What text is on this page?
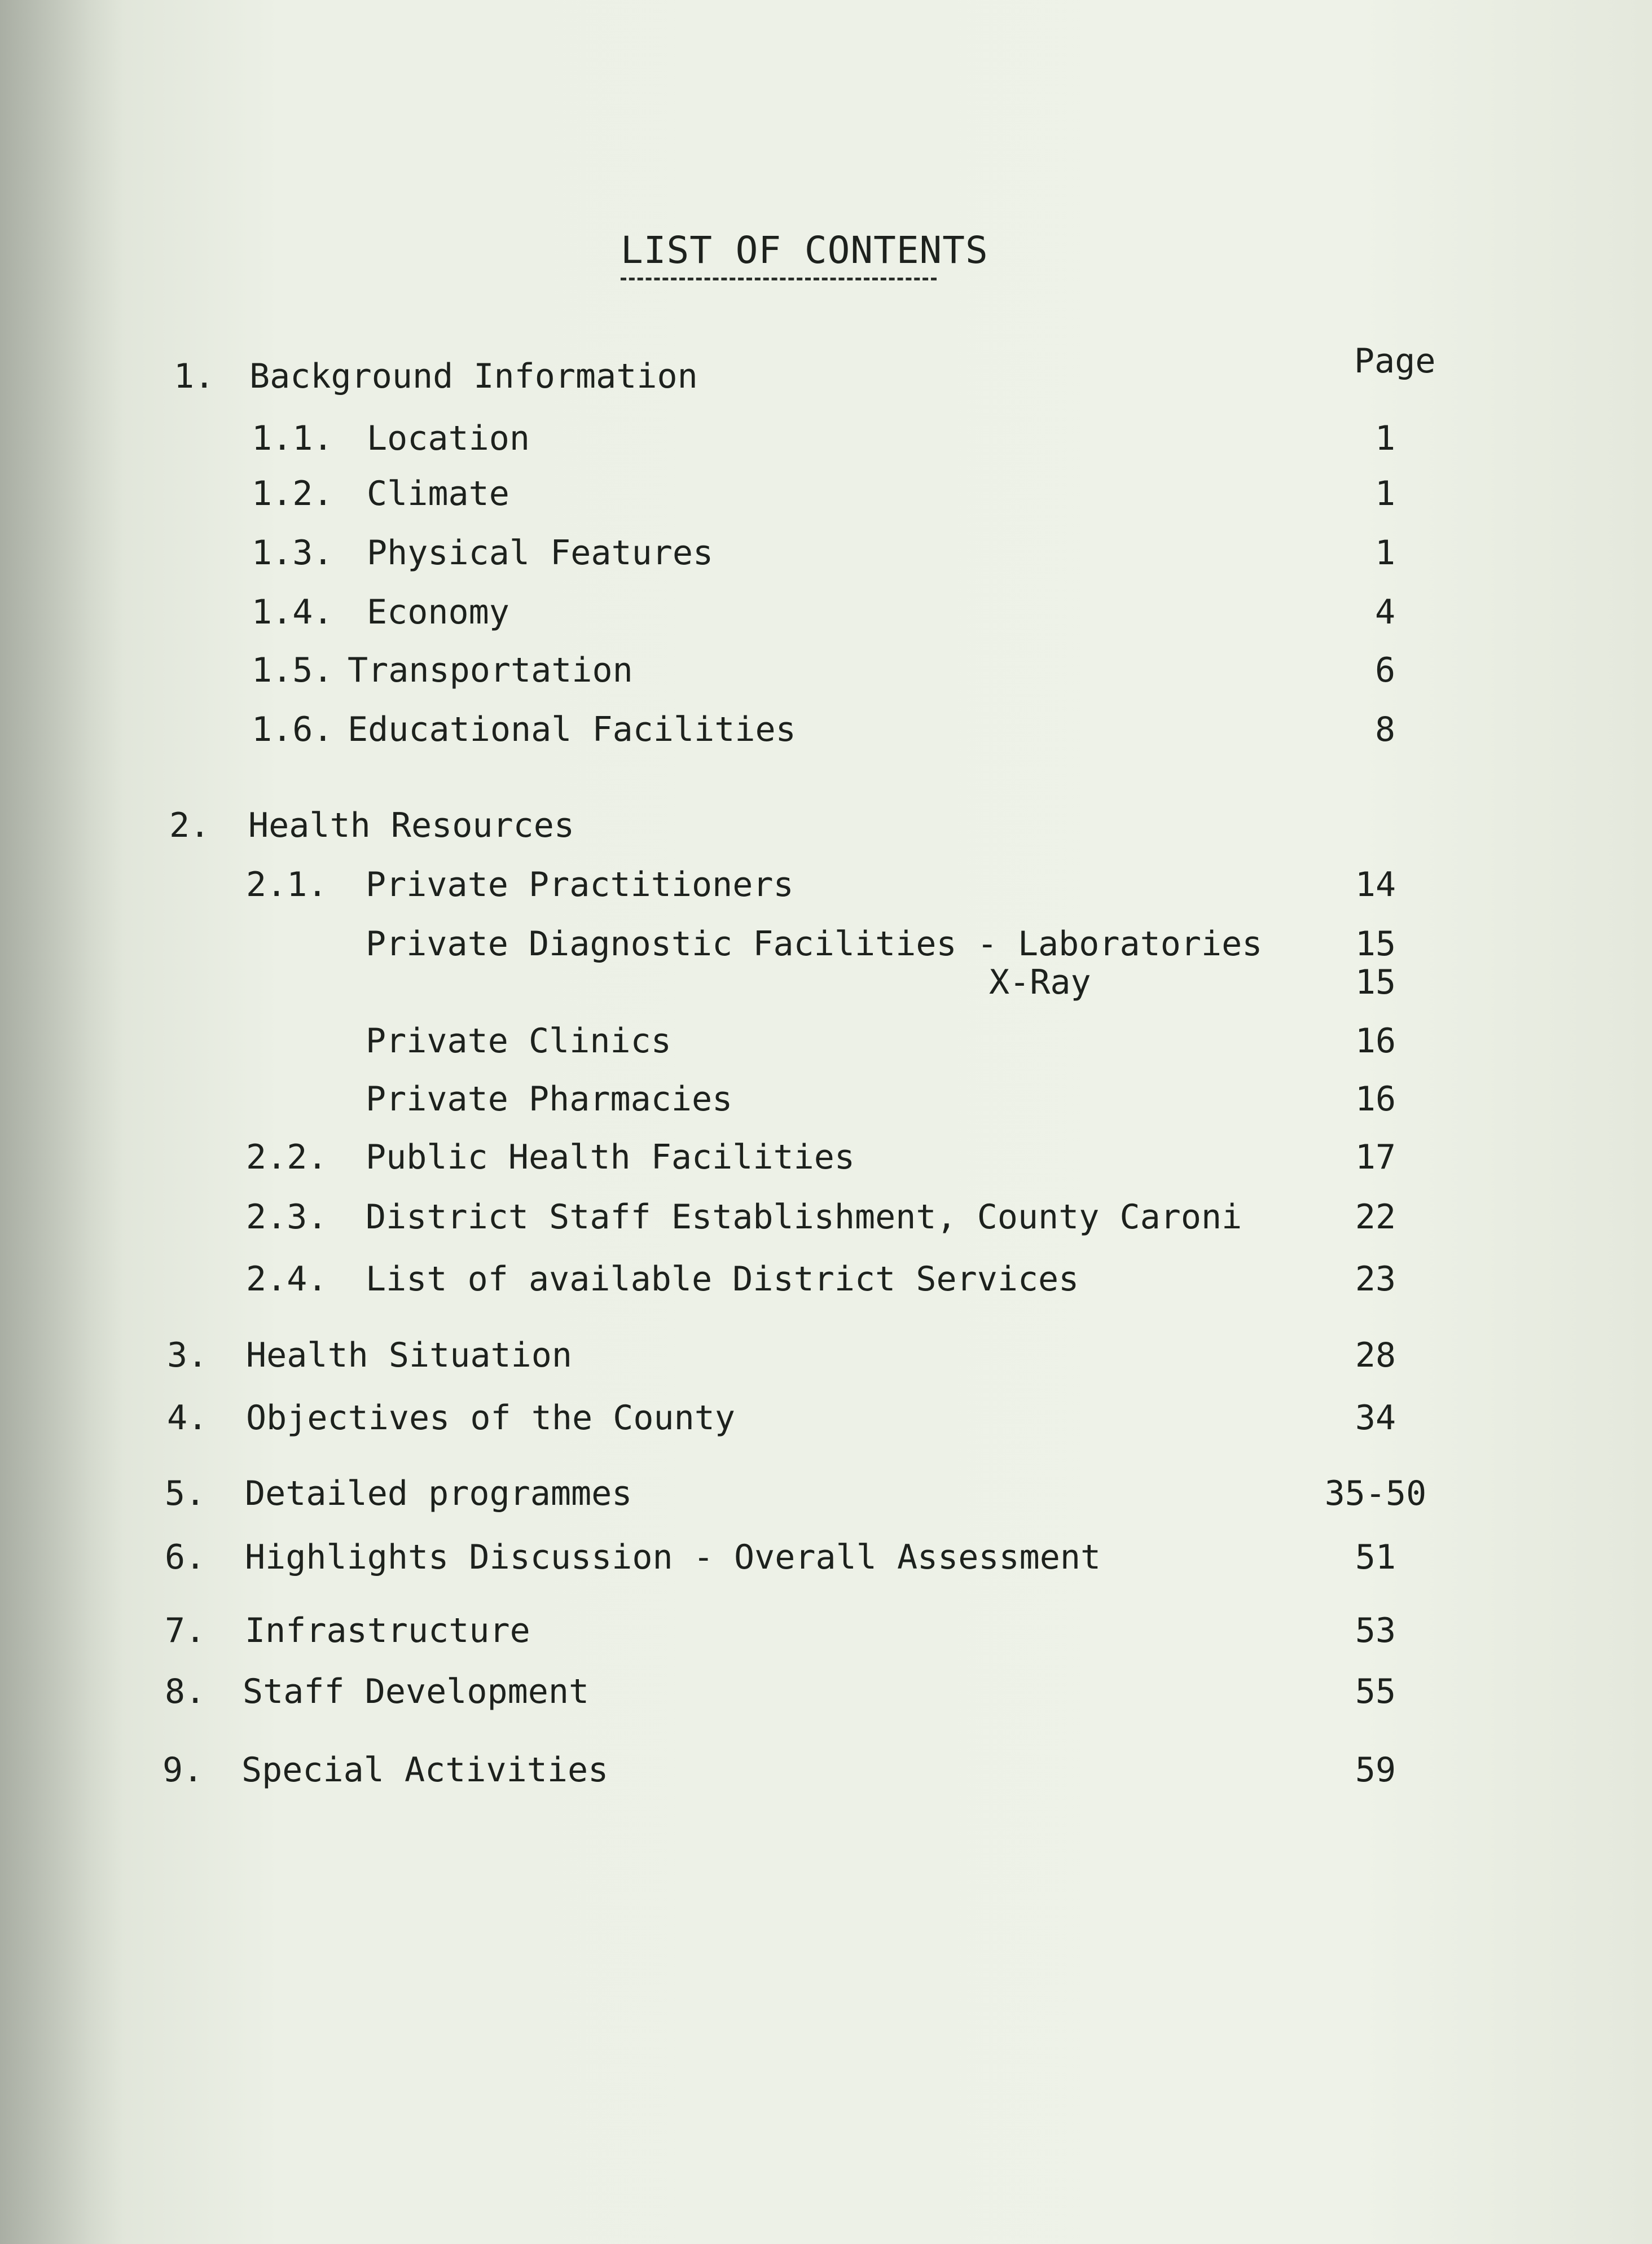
LIST OF CONTENTS
Page
1. Background Information
1.1. Location	1
1.2. Climate	1
1.3. Physical Features	1
1.4. Economy	4
1.5. Transportation	6
1.6. Educational Facilities	8
2. Health Resources
2.1. Private Practitioners	14
Private Diagnostic Facilities - Laboratories	15
X-Ray	15
Private Clinics	16
Private Pharmacies	16
2.2. Public Health Facilities	17
2.3. District Staff Establishment, County Caroni	22
2.4. List of available District Services	23
3. Health Situation	28
4. Objectives of the County	34
5. Detailed programmes	35-50
6. Highlights Discussion - Overall Assessment	51
7. Infrastructure	53
8. Staff Development	55
9. Special Activities	59
